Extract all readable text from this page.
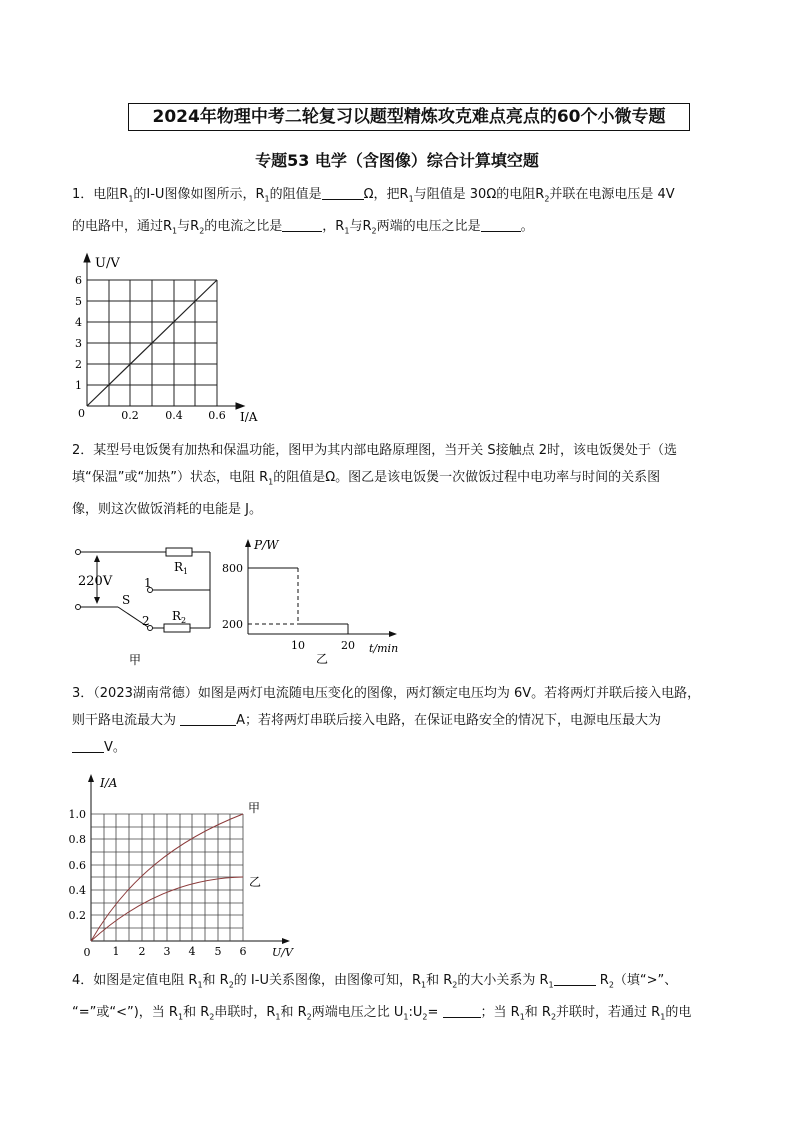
2024年物理中考二轮复习以题型精炼攻克难点亮点的60个小微专题
专题53 电学（含图像）综合计算填空题

1．电阻$R_1$的I-U图像如图所示，$R_1$的阻值是	Ω，把$R_1$与阻值是 30Ω的电阻$R_2$并联在电源电压是 4V

的电路中，通过$R_1$与$R_2$的电流之比是	，$R_1$与$R_2$两端的电压之比是	。

U/V
I/A
0
1
2
3
4
5
6
0.2 0.4 0.6

2．某型号电饭煲有加热和保温功能，图甲为其内部电路原理图，当开关 S接触点 2时，该电饭煲处于（选

填“保温”或“加热”）状态，电阻 $R_1$的阻值是Ω。图乙是该电饭煲一次做饭过程中电功率与时间的关系图

像，则这次做饭消耗的电能是 J。

220V
$R_1$
$R_2$
1
2
S
甲
P/W
t/min
200
800
10	20
乙

3．（2023湖南常德）如图是两灯电流随电压变化的图像，两灯额定电压均为 6V。若将两灯并联后接入电路，

则干路电流最大为	A；若将两灯串联后接入电路，在保证电路安全的情况下，电源电压最大为

V。

I/A
U/V
0
0.2
0.4
0.6
0.8
1.0
1 2 3 4 5 6
甲
乙

4．如图是定值电阻 $R_1$和 $R_2$的 I-U关系图像，由图像可知，$R_1$和 $R_2$的大小关系为 $R_1$	$R_2$（填“>”、

“=”或“<”)，当 $R_1$和 $R_2$串联时，$R_1$和 $R_2$两端电压之比 $U_1:U_2=$	；当 $R_1$和 $R_2$并联时，若通过 $R_1$的电
